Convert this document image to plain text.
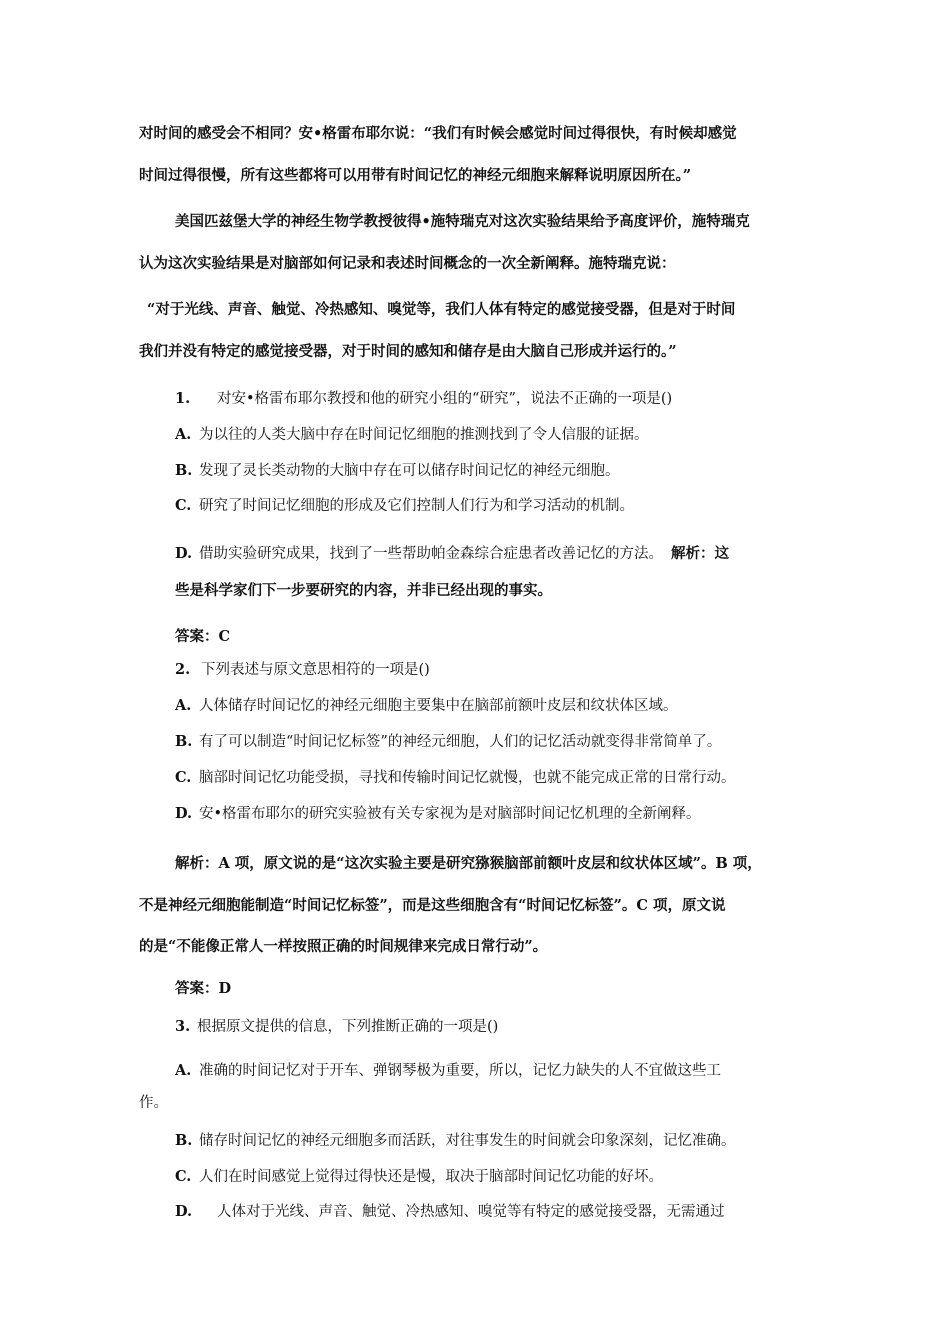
对时间的感受会不相同？安•格雷布耶尔说：“我们有时候会感觉时间过得很快，有时候却感觉
时间过得很慢，所有这些都将可以用带有时间记忆的神经元细胞来解释说明原因所在。”
美国匹兹堡大学的神经生物学教授彼得•施特瑞克对这次实验结果给予高度评价，施特瑞克
认为这次实验结果是对脑部如何记录和表述时间概念的一次全新阐释。施特瑞克说：
“对于光线、声音、触觉、冷热感知、嗅觉等，我们人体有特定的感觉接受器，但是对于时间
我们并没有特定的感觉接受器，对于时间的感知和储存是由大脑自己形成并运行的。”
1. 对安•格雷布耶尔教授和他的研究小组的“研究”，说法不正确的一项是()
A. 为以往的人类大脑中存在时间记忆细胞的推测找到了令人信服的证据。
B. 发现了灵长类动物的大脑中存在可以储存时间记忆的神经元细胞。
C. 研究了时间记忆细胞的形成及它们控制人们行为和学习活动的机制。
D. 借助实验研究成果，找到了一些帮助帕金森综合症患者改善记忆的方法。 解析：这
些是科学家们下一步要研究的内容，并非已经出现的事实。
答案：C
2. 下列表述与原文意思相符的一项是()
A. 人体储存时间记忆的神经元细胞主要集中在脑部前额叶皮层和纹状体区域。
B. 有了可以制造“时间记忆标签”的神经元细胞，人们的记忆活动就变得非常简单了。
C. 脑部时间记忆功能受损，寻找和传输时间记忆就慢，也就不能完成正常的日常行动。
D. 安•格雷布耶尔的研究实验被有关专家视为是对脑部时间记忆机理的全新阐释。
解析：A 项，原文说的是“这次实验主要是研究猕猴脑部前额叶皮层和纹状体区域”。B 项，
不是神经元细胞能制造“时间记忆标签”，而是这些细胞含有“时间记忆标签”。C 项，原文说
的是“不能像正常人一样按照正确的时间规律来完成日常行动”。
答案：D
3. 根据原文提供的信息，下列推断正确的一项是()
A. 准确的时间记忆对于开车、弹钢琴极为重要，所以，记忆力缺失的人不宜做这些工
作。
B. 储存时间记忆的神经元细胞多而活跃，对往事发生的时间就会印象深刻，记忆准确。
C. 人们在时间感觉上觉得过得快还是慢，取决于脑部时间记忆功能的好坏。
D. 人体对于光线、声音、触觉、冷热感知、嗅觉等有特定的感觉接受器，无需通过
